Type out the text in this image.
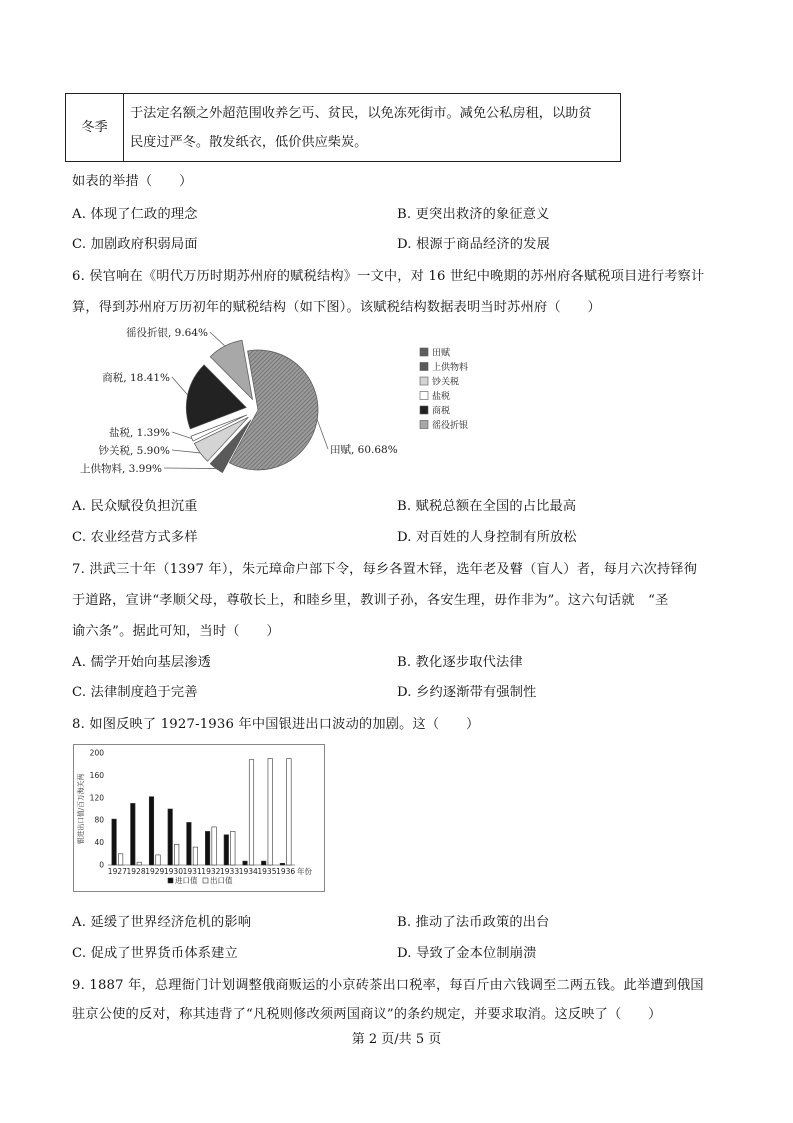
冬季	于法定名额之外超范围收养乞丐、贫民，以免冻死街市。减免公私房租，以助贫
民度过严冬。散发纸衣，低价供应柴炭。
如表的举措（　　）
A. 体现了仁政的理念	B. 更突出救济的象征意义
C. 加剧政府积弱局面	D. 根源于商品经济的发展
6. 侯官响在《明代万历时期苏州府的赋税结构》一文中，对 16 世纪中晚期的苏州府各赋税项目进行考察计
算，得到苏州府万历初年的赋税结构（如下图）。该赋税结构数据表明当时苏州府（　　）
田赋, 60.68%
上供物料, 3.99%
钞关税, 5.90%
盐税, 1.39%
商税, 18.41%
徭役折银, 9.64%
田赋
上供物料
钞关税
盐税
商税
徭役折银
A. 民众赋役负担沉重	B. 赋税总额在全国的占比最高
C. 农业经营方式多样	D. 对百姓的人身控制有所放松
7. 洪武三十年（1397 年），朱元璋命户部下令，每乡各置木铎，选年老及瞽（盲人）者，每月六次持铎徇
于道路，宣讲“孝顺父母，尊敬长上，和睦乡里，教训子孙，各安生理，毋作非为”。这六句话就　“圣
谕六条”。据此可知，当时（　　）
A. 儒学开始向基层渗透	B. 教化逐步取代法律
C. 法律制度趋于完善	D. 乡约逐渐带有强制性
8. 如图反映了 1927-1936 年中国银进出口波动的加剧。这（　　）
0
40
80
120
160
200
银进出口值/百万海关两
1927 1928 1929 1930 1931 1932 1933 1934 1935 1936 年份
进口值 出口值
A. 延缓了世界经济危机的影响	B. 推动了法币政策的出台
C. 促成了世界货币体系建立	D. 导致了金本位制崩溃
9. 1887 年，总理衙门计划调整俄商贩运的小京砖茶出口税率，每百斤由六钱调至二两五钱。此举遭到俄国
驻京公使的反对，称其违背了“凡税则修改须两国商议”的条约规定，并要求取消。这反映了（　　）
第 2 页/共 5 页
